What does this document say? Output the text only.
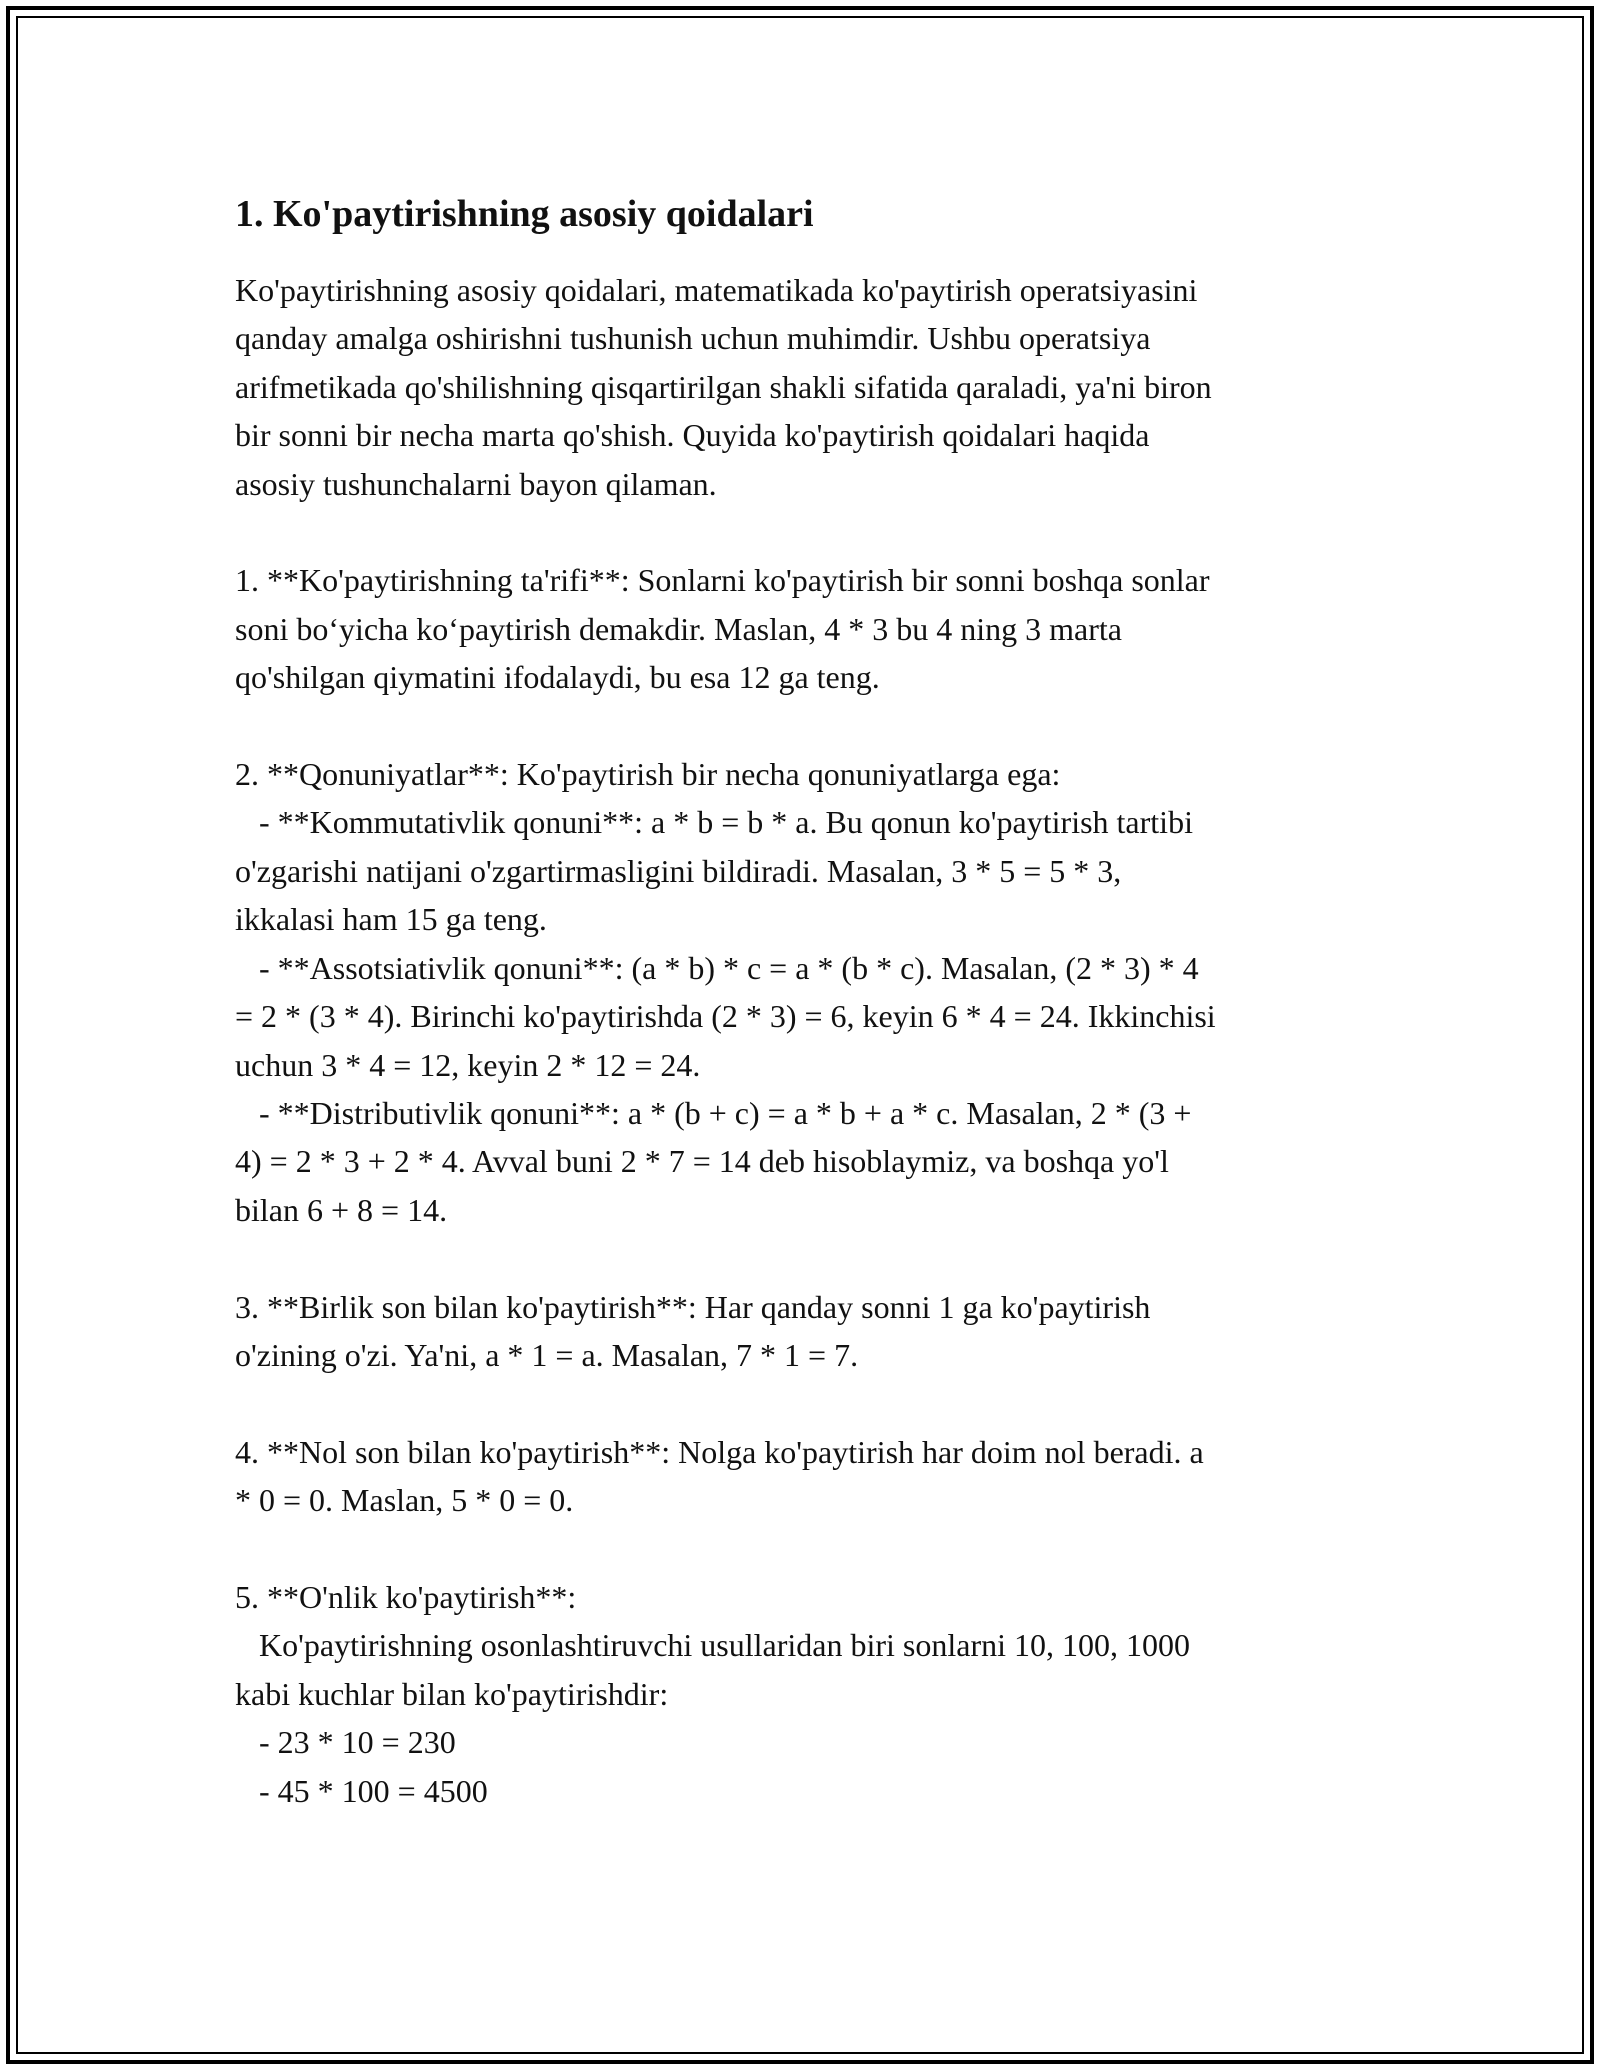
1. Ko'paytirishning asosiy qoidalari

Ko'paytirishning asosiy qoidalari, matematikada ko'paytirish operatsiyasini
qanday amalga oshirishni tushunish uchun muhimdir. Ushbu operatsiya
arifmetikada qo'shilishning qisqartirilgan shakli sifatida qaraladi, ya'ni biron
bir sonni bir necha marta qo'shish. Quyida ko'paytirish qoidalari haqida
asosiy tushunchalarni bayon qilaman.

1. **Ko'paytirishning ta'rifi**: Sonlarni ko'paytirish bir sonni boshqa sonlar
soni bo‘yicha ko‘paytirish demakdir. Maslan, 4 * 3 bu 4 ning 3 marta
qo'shilgan qiymatini ifodalaydi, bu esa 12 ga teng.

2. **Qonuniyatlar**: Ko'paytirish bir necha qonuniyatlarga ega:
- **Kommutativlik qonuni**: a * b = b * a. Bu qonun ko'paytirish tartibi
o'zgarishi natijani o'zgartirmasligini bildiradi. Masalan, 3 * 5 = 5 * 3,
ikkalasi ham 15 ga teng.
- **Assotsiativlik qonuni**: (a * b) * c = a * (b * c). Masalan, (2 * 3) * 4
= 2 * (3 * 4). Birinchi ko'paytirishda (2 * 3) = 6, keyin 6 * 4 = 24. Ikkinchisi
uchun 3 * 4 = 12, keyin 2 * 12 = 24.
- **Distributivlik qonuni**: a * (b + c) = a * b + a * c. Masalan, 2 * (3 +
4) = 2 * 3 + 2 * 4. Avval buni 2 * 7 = 14 deb hisoblaymiz, va boshqa yo'l
bilan 6 + 8 = 14.

3. **Birlik son bilan ko'paytirish**: Har qanday sonni 1 ga ko'paytirish
o'zining o'zi. Ya'ni, a * 1 = a. Masalan, 7 * 1 = 7.

4. **Nol son bilan ko'paytirish**: Nolga ko'paytirish har doim nol beradi. a
* 0 = 0. Maslan, 5 * 0 = 0.

5. **O'nlik ko'paytirish**:
Ko'paytirishning osonlashtiruvchi usullaridan biri sonlarni 10, 100, 1000
kabi kuchlar bilan ko'paytirishdir:
- 23 * 10 = 230
- 45 * 100 = 4500
